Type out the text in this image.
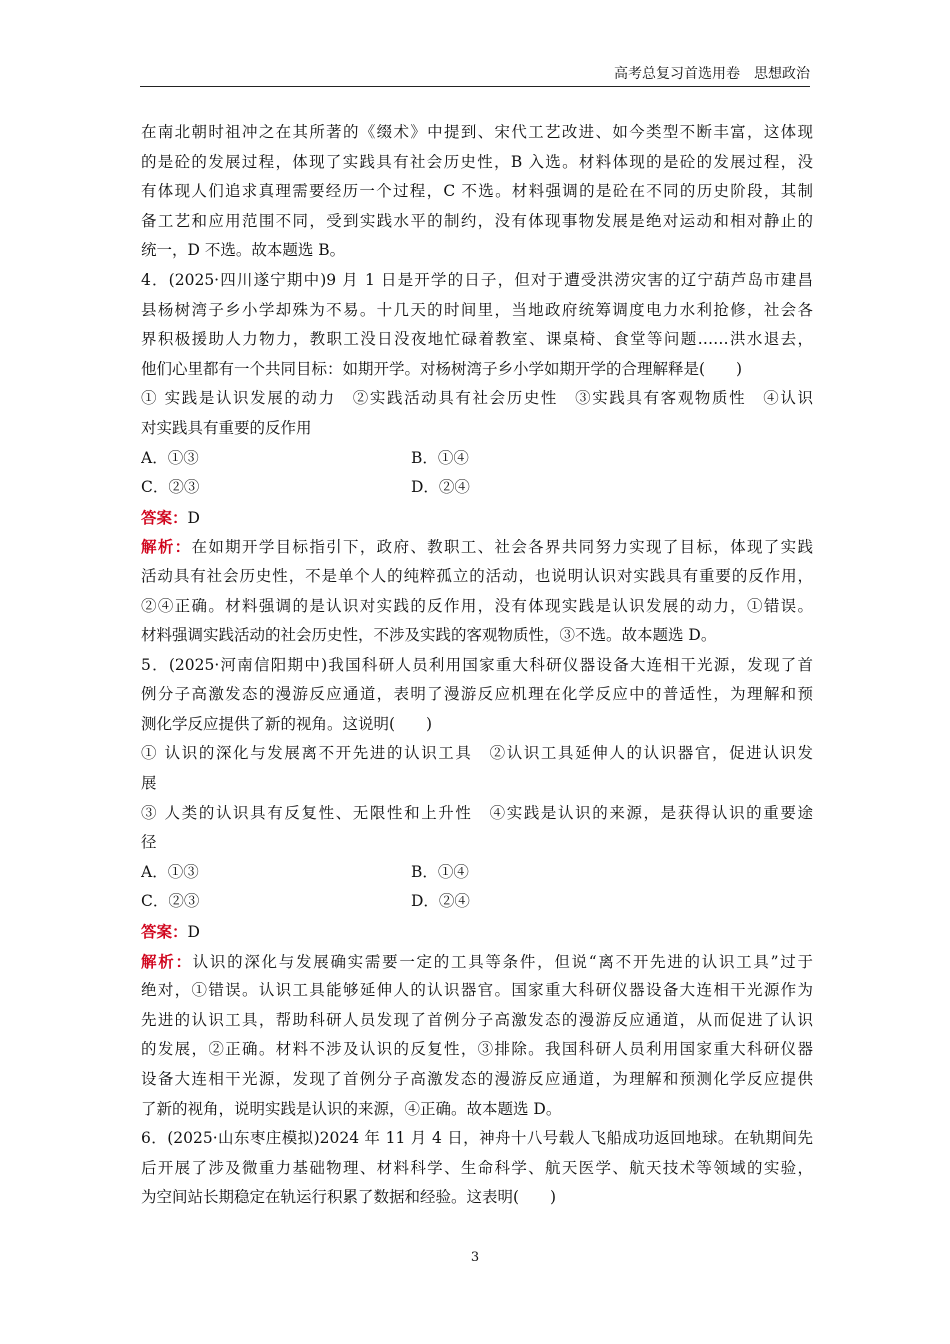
高考总复习首选用卷　思想政治
在南北朝时祖冲之在其所著的《缀术》中提到、宋代工艺改进、如今类型不断丰富，这体现
的是砼的发展过程，体现了实践具有社会历史性，B 入选。材料体现的是砼的发展过程，没
有体现人们追求真理需要经历一个过程，C 不选。材料强调的是砼在不同的历史阶段，其制
备工艺和应用范围不同，受到实践水平的制约，没有体现事物发展是绝对运动和相对静止的
统一，D 不选。故本题选 B。
4．(2025·四川遂宁期中)9 月 1 日是开学的日子，但对于遭受洪涝灾害的辽宁葫芦岛市建昌
县杨树湾子乡小学却殊为不易。十几天的时间里，当地政府统筹调度电力水利抢修，社会各
界积极援助人力物力，教职工没日没夜地忙碌着教室、课桌椅、食堂等问题……洪水退去，
他们心里都有一个共同目标：如期开学。对杨树湾子乡小学如期开学的合理解释是(　　)
① 实践是认识发展的动力　②实践活动具有社会历史性　③实践具有客观物质性　④认识
对实践具有重要的反作用
A．①③	B．①④
C．②③	D．②④
答案：D
解析：在如期开学目标指引下，政府、教职工、社会各界共同努力实现了目标，体现了实践
活动具有社会历史性，不是单个人的纯粹孤立的活动，也说明认识对实践具有重要的反作用，
②④正确。材料强调的是认识对实践的反作用，没有体现实践是认识发展的动力，①错误。
材料强调实践活动的社会历史性，不涉及实践的客观物质性，③不选。故本题选 D。
5．(2025·河南信阳期中)我国科研人员利用国家重大科研仪器设备大连相干光源，发现了首
例分子高激发态的漫游反应通道，表明了漫游反应机理在化学反应中的普适性，为理解和预
测化学反应提供了新的视角。这说明(　　)
① 认识的深化与发展离不开先进的认识工具　②认识工具延伸人的认识器官，促进认识发
展
③ 人类的认识具有反复性、无限性和上升性　④实践是认识的来源，是获得认识的重要途
径
A．①③	B．①④
C．②③	D．②④
答案：D
解析：认识的深化与发展确实需要一定的工具等条件，但说“离不开先进的认识工具”过于
绝对，①错误。认识工具能够延伸人的认识器官。国家重大科研仪器设备大连相干光源作为
先进的认识工具，帮助科研人员发现了首例分子高激发态的漫游反应通道，从而促进了认识
的发展，②正确。材料不涉及认识的反复性，③排除。我国科研人员利用国家重大科研仪器
设备大连相干光源，发现了首例分子高激发态的漫游反应通道，为理解和预测化学反应提供
了新的视角，说明实践是认识的来源，④正确。故本题选 D。
6．(2025·山东枣庄模拟)2024 年 11 月 4 日，神舟十八号载人飞船成功返回地球。在轨期间先
后开展了涉及微重力基础物理、材料科学、生命科学、航天医学、航天技术等领域的实验，
为空间站长期稳定在轨运行积累了数据和经验。这表明(　　)
3
